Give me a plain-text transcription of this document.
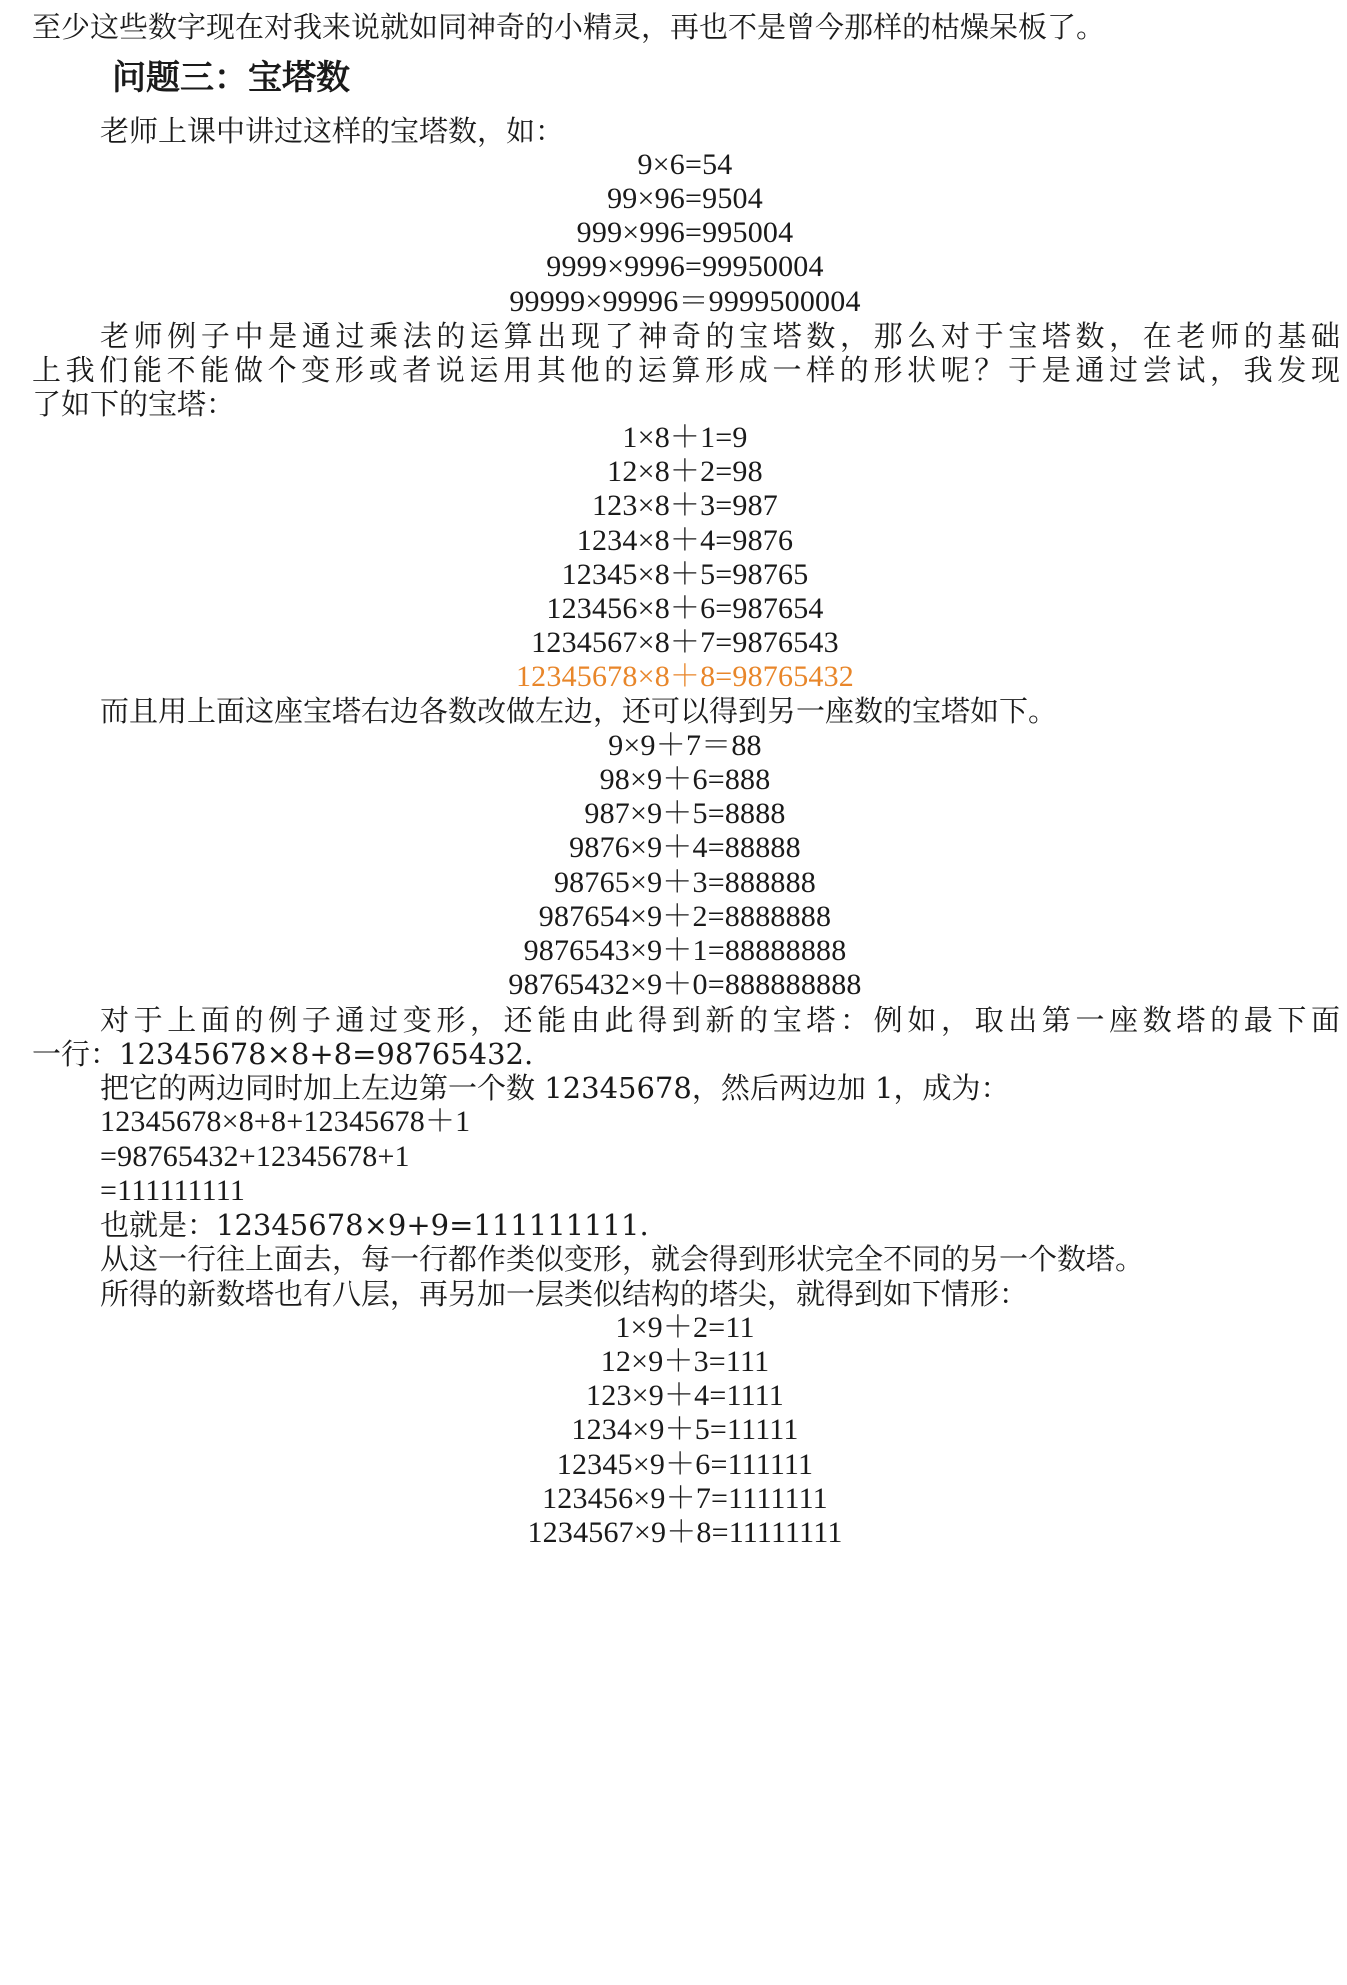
至少这些数字现在对我来说就如同神奇的小精灵，再也不是曾今那样的枯燥呆板了。
问题三：宝塔数
老师上课中讲过这样的宝塔数，如：
9×6=54
99×96=9504
999×996=995004
9999×9996=99950004
99999×99996＝9999500004
老师例子中是通过乘法的运算出现了神奇的宝塔数，那么对于宝塔数，在老师的基础
上我们能不能做个变形或者说运用其他的运算形成一样的形状呢？于是通过尝试，我发现
了如下的宝塔：
1×8＋1=9
12×8＋2=98
123×8＋3=987
1234×8＋4=9876
12345×8＋5=98765
123456×8＋6=987654
1234567×8＋7=9876543
12345678×8＋8=98765432
而且用上面这座宝塔右边各数改做左边，还可以得到另一座数的宝塔如下。
9×9＋7＝88
98×9＋6=888
987×9＋5=8888
9876×9＋4=88888
98765×9＋3=888888
987654×9＋2=8888888
9876543×9＋1=88888888
98765432×9＋0=888888888
对于上面的例子通过变形，还能由此得到新的宝塔：例如，取出第一座数塔的最下面
一行：12345678×8+8=98765432.
把它的两边同时加上左边第一个数 12345678，然后两边加 1，成为：
12345678×8+8+12345678＋1
=98765432+12345678+1
=111111111
也就是：12345678×9+9=111111111.
从这一行往上面去，每一行都作类似变形，就会得到形状完全不同的另一个数塔。
所得的新数塔也有八层，再另加一层类似结构的塔尖，就得到如下情形：
1×9＋2=11
12×9＋3=111
123×9＋4=1111
1234×9＋5=11111
12345×9＋6=111111
123456×9＋7=1111111
1234567×9＋8=11111111
